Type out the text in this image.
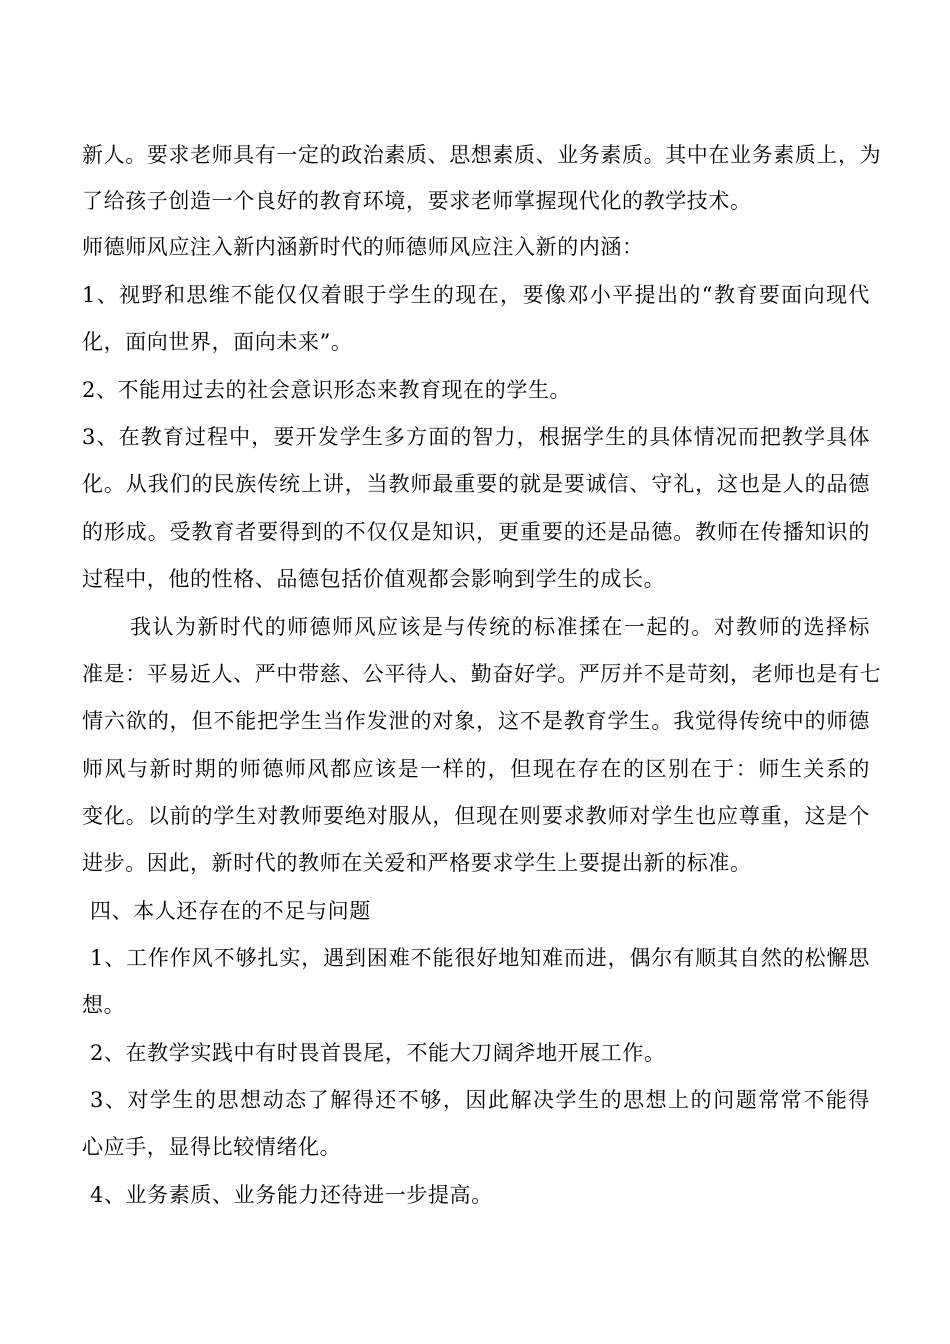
新人。要求老师具有一定的政治素质、思想素质、业务素质。其中在业务素质上，为
了给孩子创造一个良好的教育环境，要求老师掌握现代化的教学技术。
师德师风应注入新内涵新时代的师德师风应注入新的内涵：
1、视野和思维不能仅仅着眼于学生的现在，要像邓小平提出的“教育要面向现代
化，面向世界，面向未来”。
2、不能用过去的社会意识形态来教育现在的学生。
3、在教育过程中，要开发学生多方面的智力，根据学生的具体情况而把教学具体
化。从我们的民族传统上讲，当教师最重要的就是要诚信、守礼，这也是人的品德
的形成。受教育者要得到的不仅仅是知识，更重要的还是品德。教师在传播知识的
过程中，他的性格、品德包括价值观都会影响到学生的成长。
我认为新时代的师德师风应该是与传统的标准揉在一起的。对教师的选择标
准是：平易近人、严中带慈、公平待人、勤奋好学。严厉并不是苛刻，老师也是有七
情六欲的，但不能把学生当作发泄的对象，这不是教育学生。我觉得传统中的师德
师风与新时期的师德师风都应该是一样的，但现在存在的区别在于：师生关系的
变化。以前的学生对教师要绝对服从，但现在则要求教师对学生也应尊重，这是个
进步。因此，新时代的教师在关爱和严格要求学生上要提出新的标准。
四、本人还存在的不足与问题
1、工作作风不够扎实，遇到困难不能很好地知难而进，偶尔有顺其自然的松懈思
想。
2、在教学实践中有时畏首畏尾，不能大刀阔斧地开展工作。
3、对学生的思想动态了解得还不够，因此解决学生的思想上的问题常常不能得
心应手，显得比较情绪化。
4、业务素质、业务能力还待进一步提高。
